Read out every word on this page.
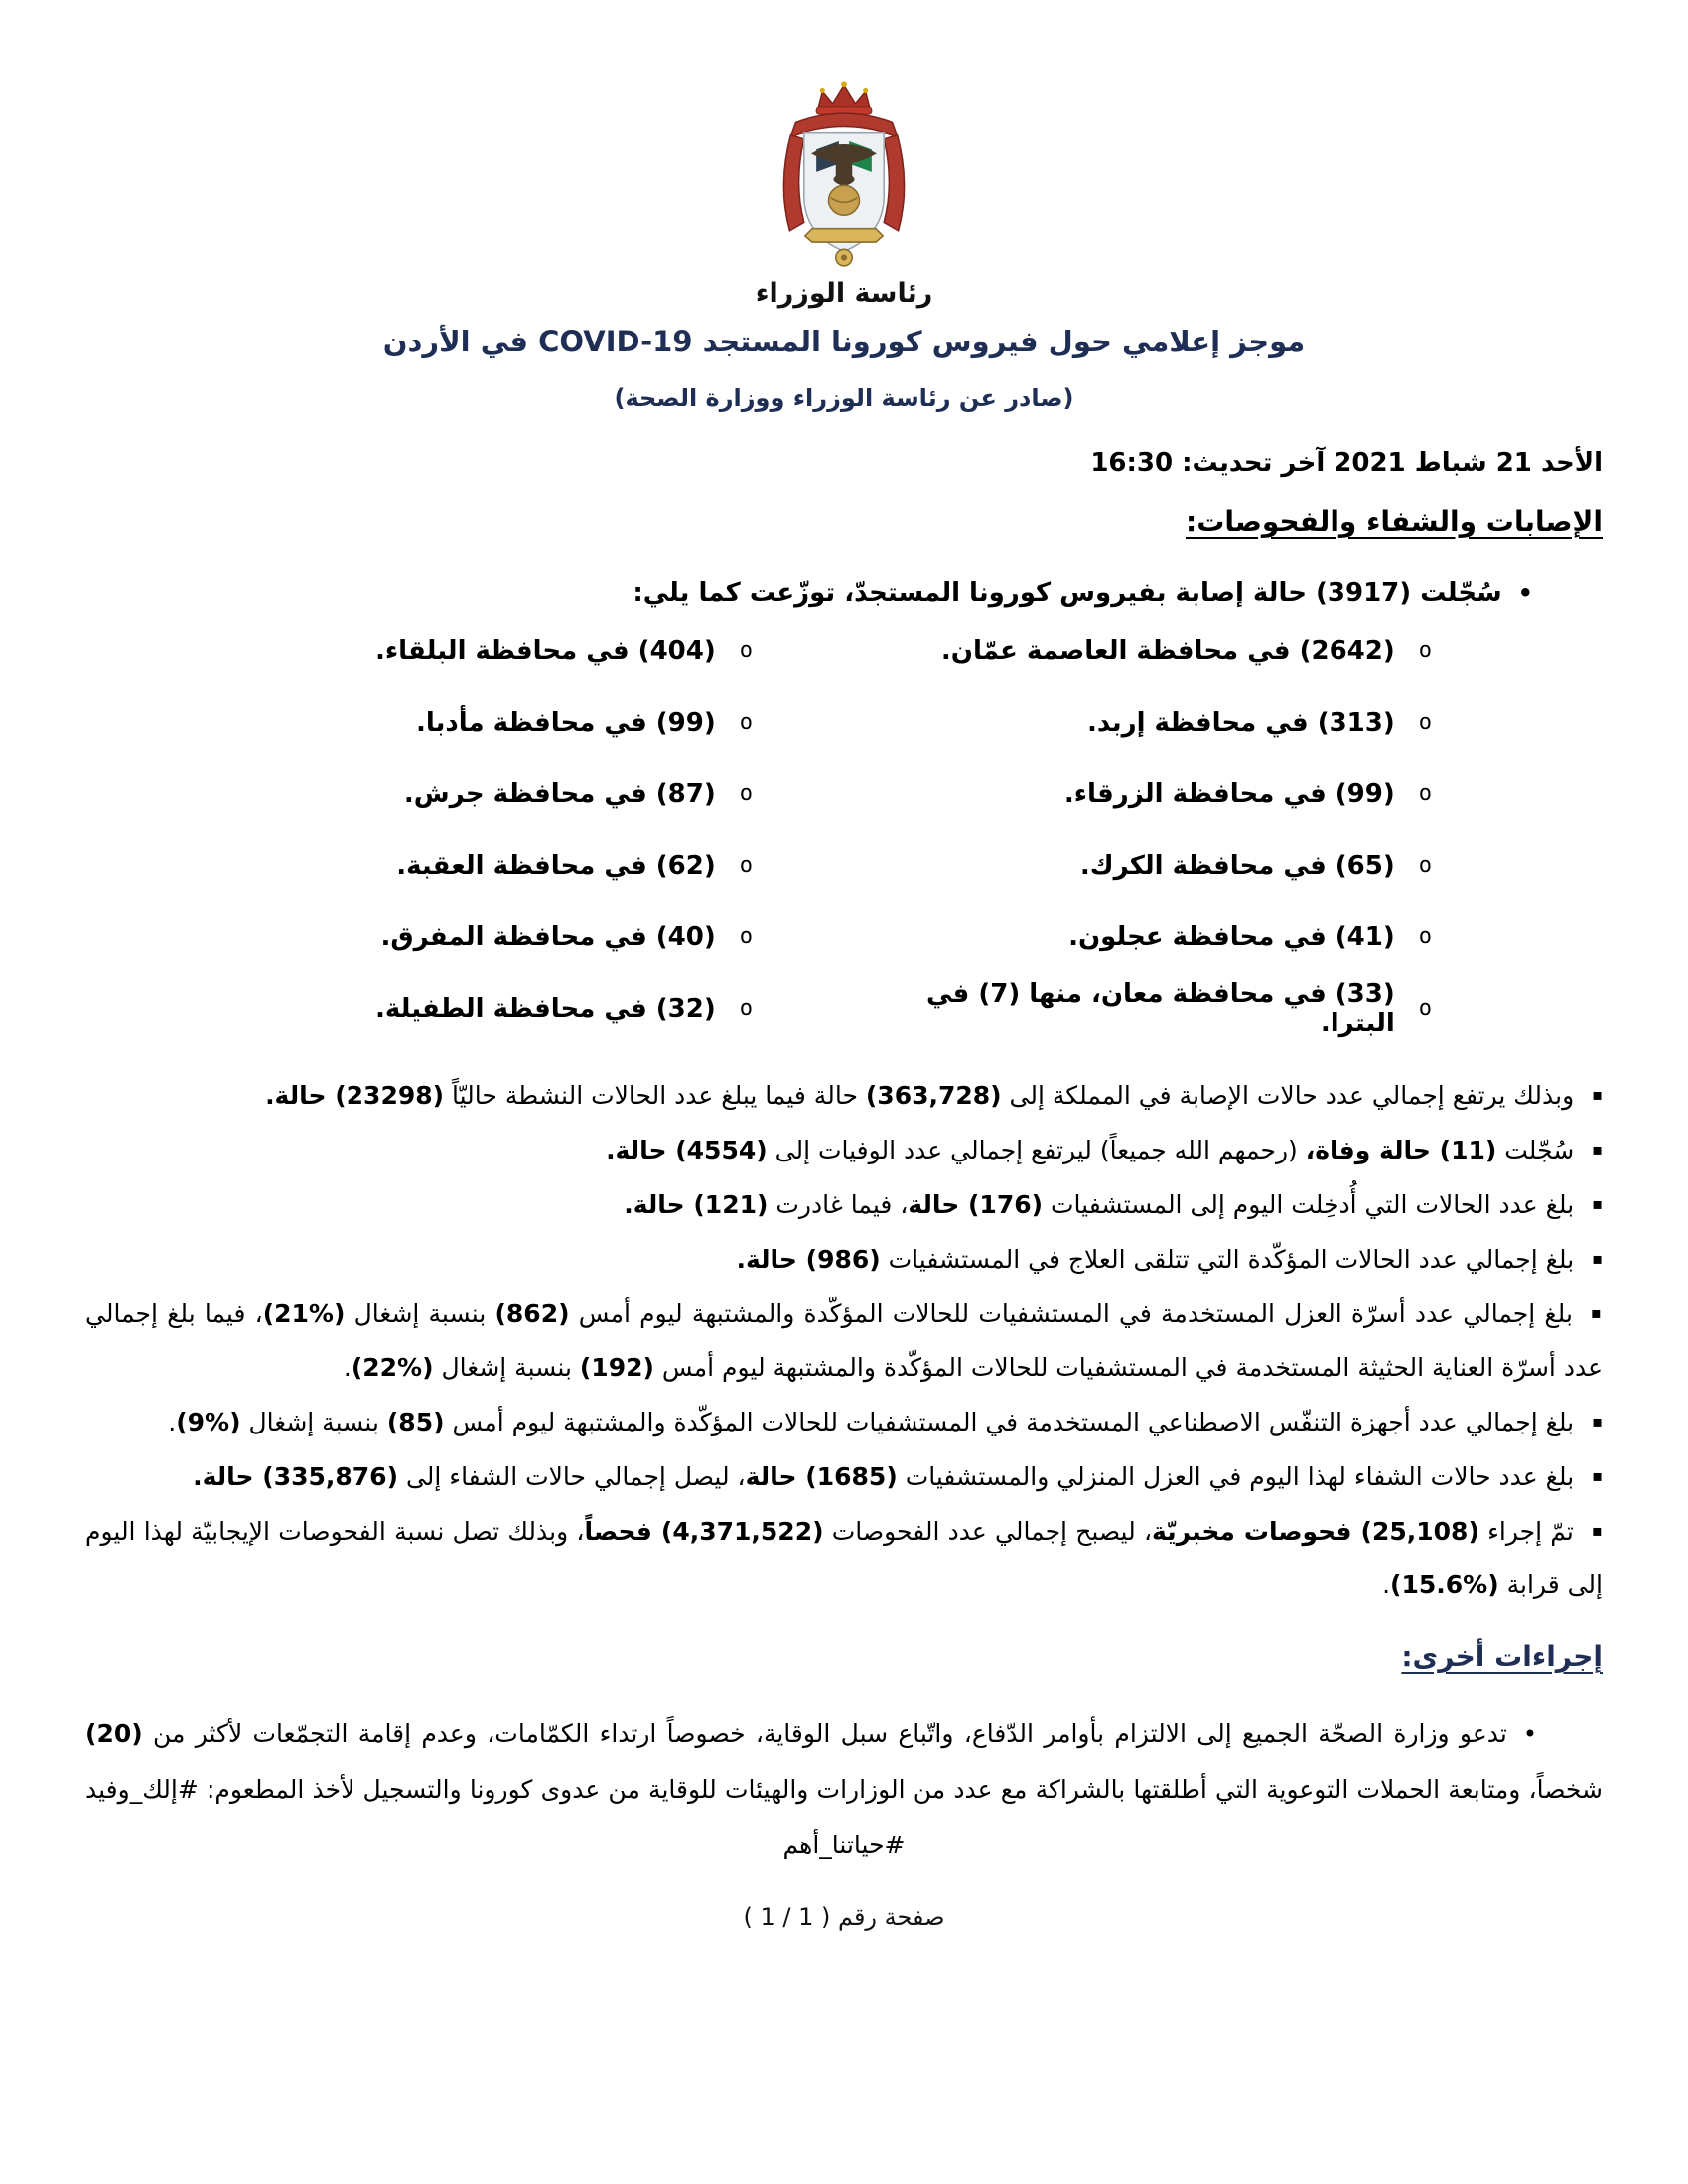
رئاسة الوزراء
موجز إعلامي حول فيروس كورونا المستجد COVID-19 في الأردن
(صادر عن رئاسة الوزراء ووزارة الصحة)
الأحد 21 شباط 2021 آخر تحديث: 16:30
الإصابات والشفاء والفحوصات:
•سُجّلت (3917) حالة إصابة بفيروس كورونا المستجدّ، توزّعت كما يلي:
o
(2642) في محافظة العاصمة عمّان.
o
(404) في محافظة البلقاء.
o
(313) في محافظة إربد.
o
(99) في محافظة مأدبا.
o
(99) في محافظة الزرقاء.
o
(87) في محافظة جرش.
o
(65) في محافظة الكرك.
o
(62) في محافظة العقبة.
o
(41) في محافظة عجلون.
o
(40) في محافظة المفرق.
o
(33) في محافظة معان، منها (7) في البترا.
o
(32) في محافظة الطفيلة.
▪وبذلك يرتفع إجمالي عدد حالات الإصابة في المملكة إلى (363,728) حالة فيما يبلغ عدد الحالات النشطة حاليّاً (23298) حالة.
▪سُجّلت (11) حالة وفاة، (رحمهم الله جميعاً) ليرتفع إجمالي عدد الوفيات إلى (4554) حالة.
▪بلغ عدد الحالات التي أُدخِلت اليوم إلى المستشفيات (176) حالة، فيما غادرت (121) حالة.
▪بلغ إجمالي عدد الحالات المؤكّدة التي تتلقى العلاج في المستشفيات (986) حالة.
▪بلغ إجمالي عدد أسرّة العزل المستخدمة في المستشفيات للحالات المؤكّدة والمشتبهة ليوم أمس (862) بنسبة إشغال (%21)، فيما بلغ إجمالي عدد أسرّة العناية الحثيثة المستخدمة في المستشفيات للحالات المؤكّدة والمشتبهة ليوم أمس (192) بنسبة إشغال (%22).
▪بلغ إجمالي عدد أجهزة التنفّس الاصطناعي المستخدمة في المستشفيات للحالات المؤكّدة والمشتبهة ليوم أمس (85) بنسبة إشغال (%9).
▪بلغ عدد حالات الشفاء لهذا اليوم في العزل المنزلي والمستشفيات (1685) حالة، ليصل إجمالي حالات الشفاء إلى (335,876) حالة.
▪تمّ إجراء (25,108) فحوصات مخبريّة، ليصبح إجمالي عدد الفحوصات (4,371,522) فحصاً، وبذلك تصل نسبة الفحوصات الإيجابيّة لهذا اليوم إلى قرابة (%15.6).
إجراءات أخرى:
•تدعو وزارة الصحّة الجميع إلى الالتزام بأوامر الدّفاع، واتّباع سبل الوقاية، خصوصاً ارتداء الكمّامات، وعدم إقامة التجمّعات لأكثر من (20) شخصاً، ومتابعة الحملات التوعوية التي أطلقتها بالشراكة مع عدد من الوزارات والهيئات للوقاية من عدوى كورونا والتسجيل لأخذ المطعوم: #إلك_وفيد #حياتنا_أهم
صفحة رقم ( 1 / 1 )
